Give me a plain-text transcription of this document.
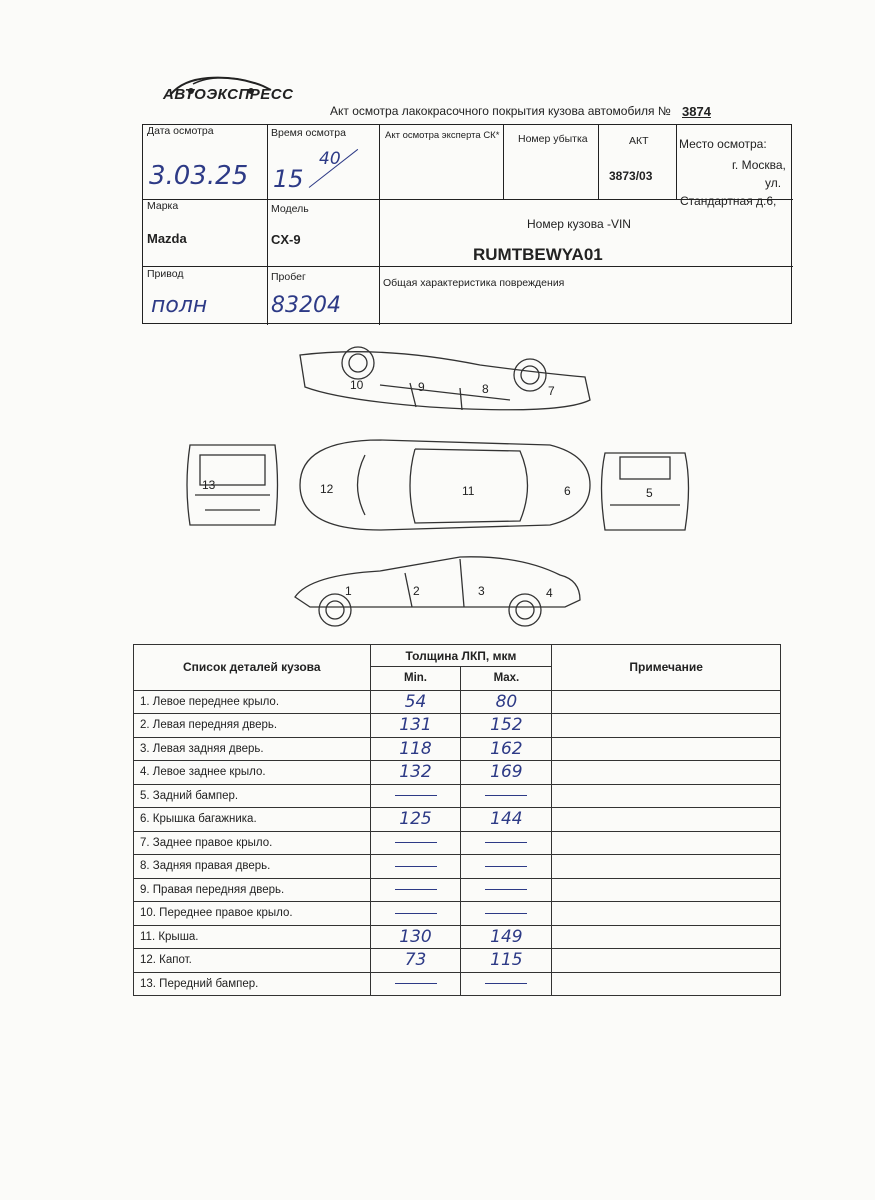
АВТОЭКСПРЕСС
Акт осмотра лакокрасочного покрытия кузова автомобиля № 3874
Дата осмотра
3.03.25
Время осмотра
15
40
Акт осмотра эксперта СК* Номер убытка	АКТ
3873/03
Место осмотра:
г. Москва,
ул.
Стандартная д.6,
Марка
Mazda
Модель
CX-9
Номер кузова -VIN
RUMTBEWYA01
Привод
полн
Пробег
83204
Общая характеристика повреждения
10	9	8	7
13	12	11	6	5
1	2	3	4
Список деталей кузова	Толщина ЛКП, мкм		Примечание
	Min.	Max.	
1. Левое переднее крыло.	54	80	
2. Левая передняя дверь.	131	152	
3. Левая задняя дверь.	118	162	
4. Левое заднее крыло.	132	169	
5. Задний бампер.			
6. Крышка багажника.	125	144	
7. Заднее правое крыло.			
8. Задняя правая дверь.			
9. Правая передняя дверь.			
10. Переднее правое крыло.			
11. Крыша.	130	149	
12. Капот.	73	115	
13. Передний бампер.			
